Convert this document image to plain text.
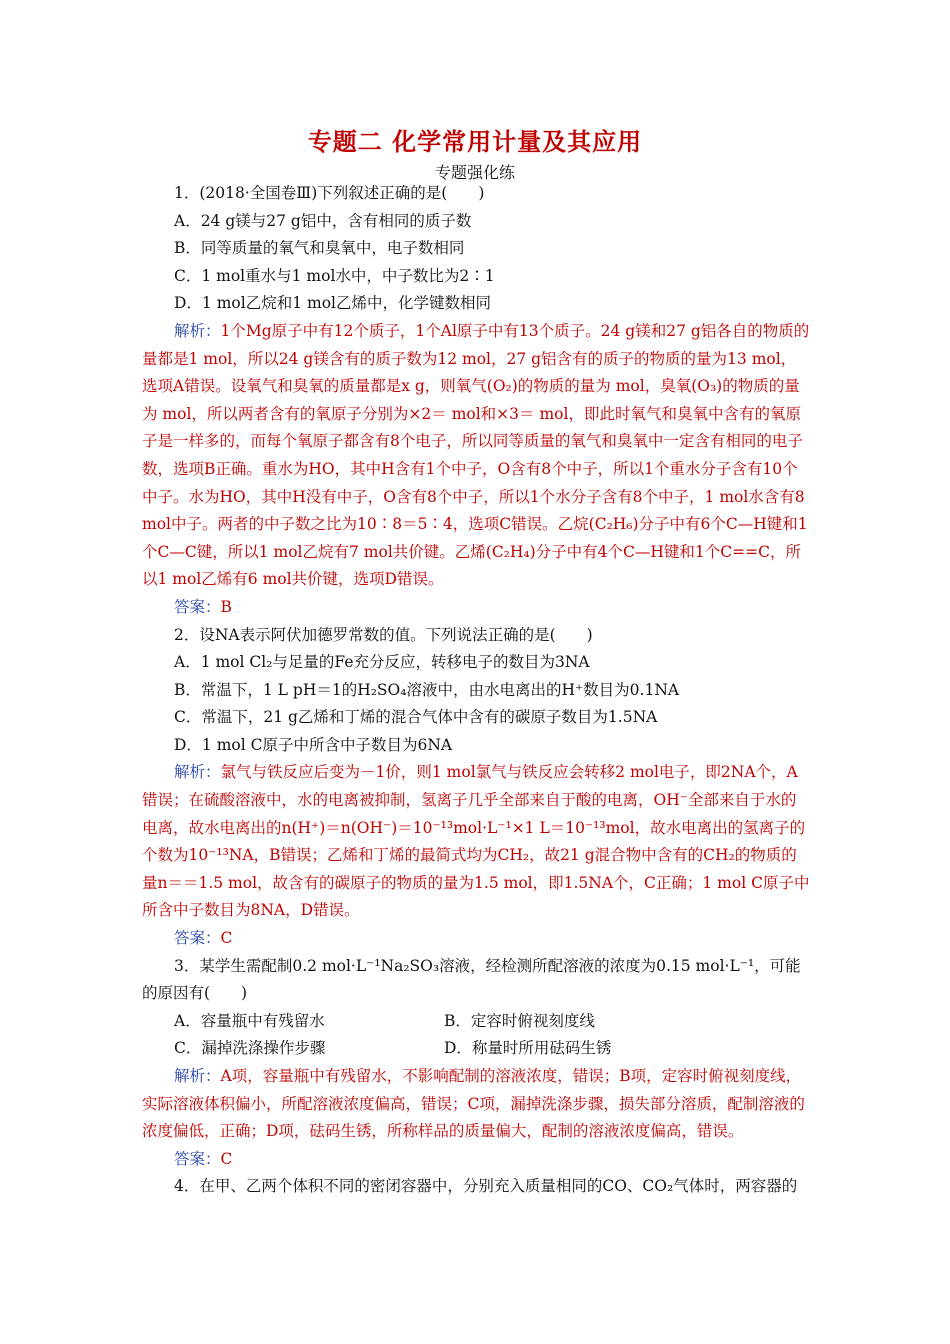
专题二 化学常用计量及其应用
专题强化练

1．(2018·全国卷Ⅲ)下列叙述正确的是(　　)

A．24 g镁与27 g铝中，含有相同的质子数

B．同等质量的氧气和臭氧中，电子数相同

C．1 mol重水与1 mol水中，中子数比为2∶1

D．1 mol乙烷和1 mol乙烯中，化学键数相同

解析：1个Mg原子中有12个质子，1个Al原子中有13个质子。24 g镁和27 g铝各自的物质的量都是1 mol，所以24 g镁含有的质子数为12 mol，27 g铝含有的质子的物质的量为13 mol，选项A错误。设氧气和臭氧的质量都是x g，则氧气(O₂)的物质的量为 mol，臭氧(O₃)的物质的量为 mol，所以两者含有的氧原子分别为×2＝ mol和×3＝ mol，即此时氧气和臭氧中含有的氧原子是一样多的，而每个氧原子都含有8个电子，所以同等质量的氧气和臭氧中一定含有相同的电子数，选项B正确。重水为HO，其中H含有1个中子，O含有8个中子，所以1个重水分子含有10个中子。水为HO，其中H没有中子，O含有8个中子，所以1个水分子含有8个中子，1 mol水含有8 mol中子。两者的中子数之比为10∶8＝5∶4，选项C错误。乙烷(C₂H₆)分子中有6个C—H键和1个C—C键，所以1 mol乙烷有7 mol共价键。乙烯(C₂H₄)分子中有4个C—H键和1个C==C，所以1 mol乙烯有6 mol共价键，选项D错误。

答案：B

2．设NA表示阿伏加德罗常数的值。下列说法正确的是(　　)

A．1 mol Cl₂与足量的Fe充分反应，转移电子的数目为3NA

B．常温下，1 L pH＝1的H₂SO₄溶液中，由水电离出的H⁺数目为0.1NA

C．常温下，21 g乙烯和丁烯的混合气体中含有的碳原子数目为1.5NA

D．1 mol C原子中所含中子数目为6NA

解析：氯气与铁反应后变为－1价，则1 mol氯气与铁反应会转移2 mol电子，即2NA个，A错误；在硫酸溶液中，水的电离被抑制，氢离子几乎全部来自于酸的电离，OH⁻全部来自于水的电离，故水电离出的n(H⁺)＝n(OH⁻)＝10⁻¹³mol·L⁻¹×1 L＝10⁻¹³mol，故水电离出的氢离子的个数为10⁻¹³NA，B错误；乙烯和丁烯的最简式均为CH₂，故21 g混合物中含有的CH₂的物质的量n＝＝1.5 mol，故含有的碳原子的物质的量为1.5 mol，即1.5NA个，C正确；1 mol C原子中所含中子数目为8NA，D错误。

答案：C

3．某学生需配制0.2 mol·L⁻¹Na₂SO₃溶液，经检测所配溶液的浓度为0.15 mol·L⁻¹，可能的原因有(　　)

A．容量瓶中有残留水	B．定容时俯视刻度线
C．漏掉洗涤操作步骤	D．称量时所用砝码生锈

解析：A项，容量瓶中有残留水，不影响配制的溶液浓度，错误；B项，定容时俯视刻度线，实际溶液体积偏小，所配溶液浓度偏高，错误；C项，漏掉洗涤步骤，损失部分溶质，配制溶液的浓度偏低，正确；D项，砝码生锈，所称样品的质量偏大，配制的溶液浓度偏高，错误。

答案：C

4．在甲、乙两个体积不同的密闭容器中，分别充入质量相同的CO、CO₂气体时，两容器的
